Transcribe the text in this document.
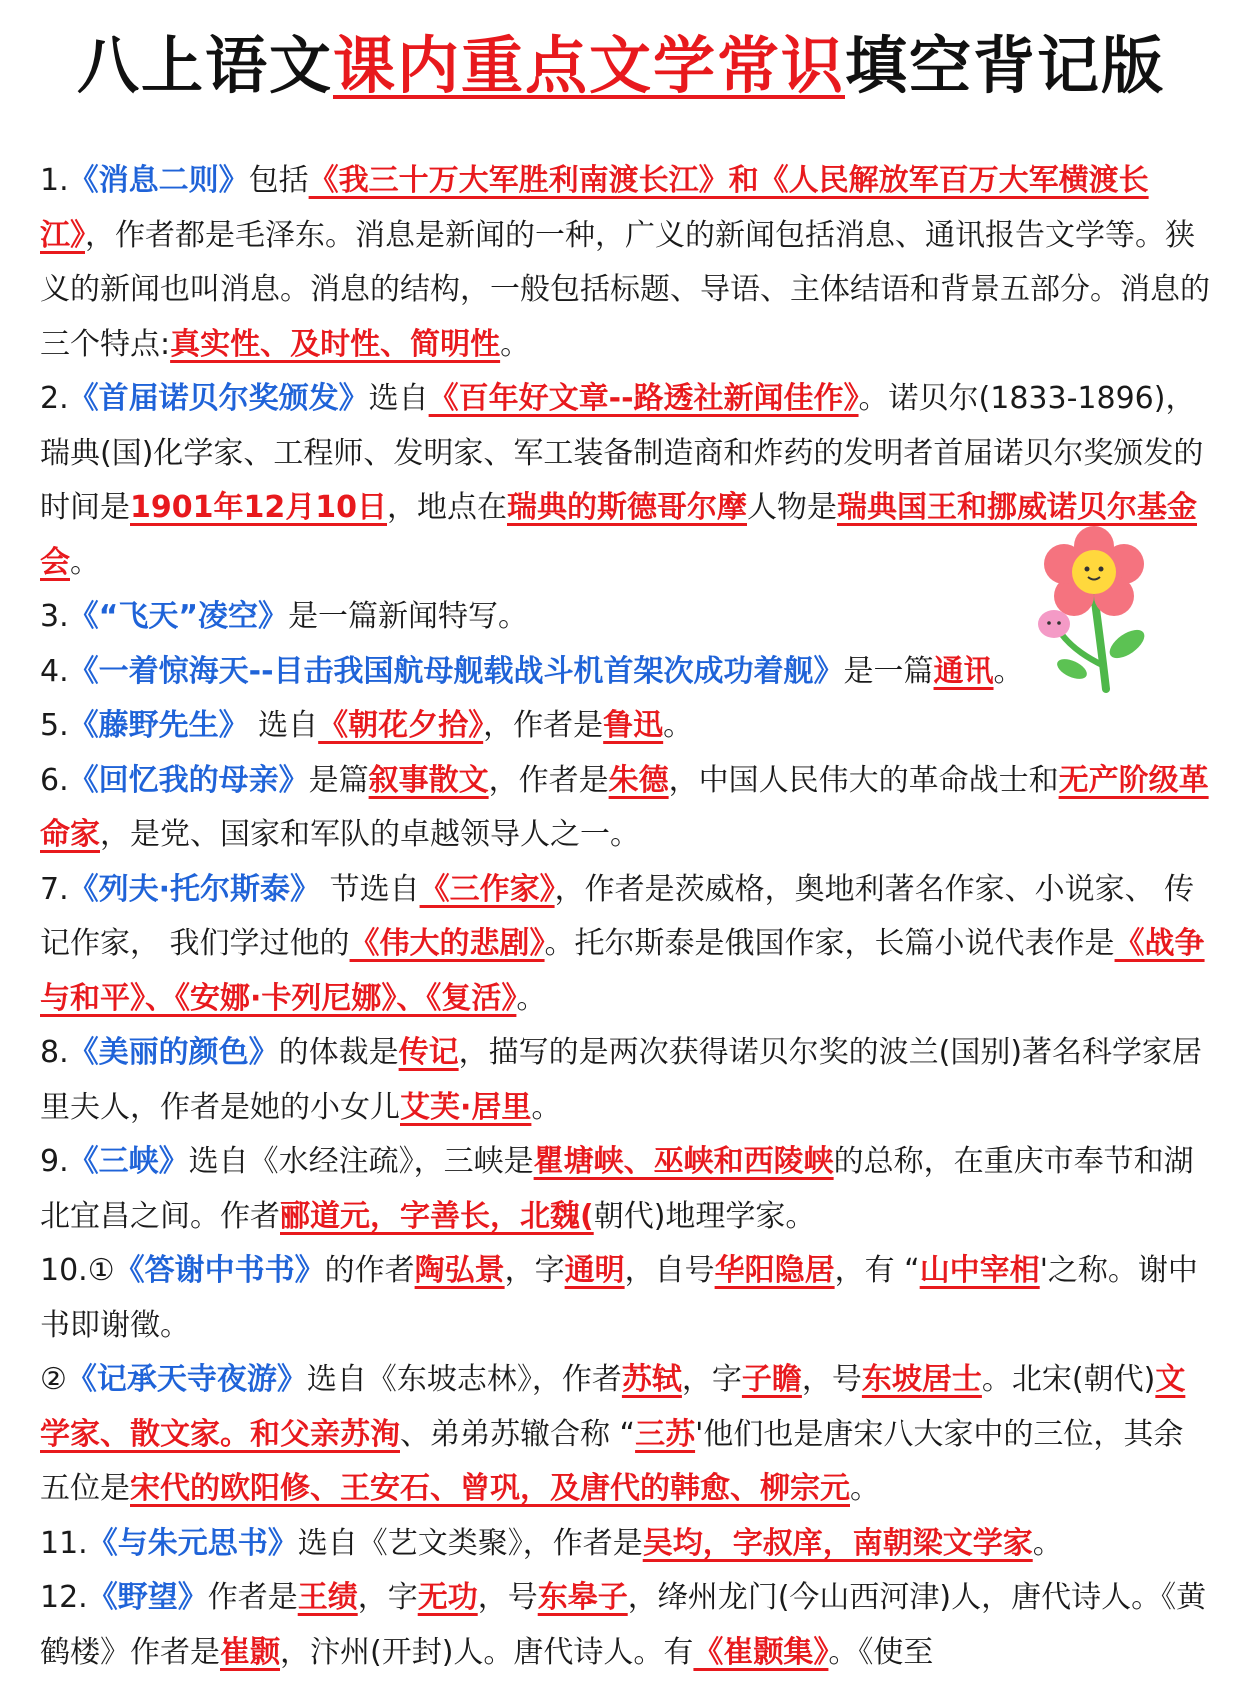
八上语文课内重点文学常识填空背记版

1.《消息二则》包括《我三十万大军胜利南渡长江》和《人民解放军百万大军横渡长江》，作者都是毛泽东。消息是新闻的一种，广义的新闻包括消息、通讯报告文学等。狭义的新闻也叫消息。消息的结构，一般包括标题、导语、主体结语和背景五部分。消息的三个特点:真实性、及时性、简明性。

2.《首届诺贝尔奖颁发》选自《百年好文章--路透社新闻佳作》。诺贝尔(1833-1896)，瑞典(国)化学家、工程师、发明家、军工装备制造商和炸药的发明者首届诺贝尔奖颁发的时间是1901年12月10日，地点在瑞典的斯德哥尔摩人物是瑞典国王和挪威诺贝尔基金会。

3.《“飞天”凌空》是一篇新闻特写。

4.《一着惊海天--目击我国航母舰载战斗机首架次成功着舰》是一篇通讯。

5.《藤野先生》 选自《朝花夕拾》，作者是鲁迅。

6.《回忆我的母亲》是篇叙事散文，作者是朱德，中国人民伟大的革命战士和无产阶级革命家，是党、国家和军队的卓越领导人之一。

7.《列夫·托尔斯泰》 节选自《三作家》，作者是茨威格，奥地利著名作家、小说家、 传记作家， 我们学过他的《伟大的悲剧》。托尔斯泰是俄国作家，长篇小说代表作是《战争与和平》、《安娜·卡列尼娜》、《复活》。

8.《美丽的颜色》的体裁是传记，描写的是两次获得诺贝尔奖的波兰(国别)著名科学家居里夫人，作者是她的小女儿艾芙·居里。

9.《三峡》选自《水经注疏》，三峡是瞿塘峡、巫峡和西陵峡的总称，在重庆市奉节和湖北宜昌之间。作者郦道元，字善长，北魏(朝代)地理学家。

10.①《答谢中书书》的作者陶弘景，字通明，自号华阳隐居，有 “山中宰相'之称。谢中书即谢徵。

②《记承天寺夜游》选自《东坡志林》，作者苏轼，字子瞻，号东坡居士。北宋(朝代)文学家、散文家。和父亲苏洵、弟弟苏辙合称 “三苏'他们也是唐宋八大家中的三位，其余五位是宋代的欧阳修、王安石、曾巩，及唐代的韩愈、柳宗元。

11.《与朱元思书》选自《艺文类聚》，作者是吴均，字叔庠，南朝梁文学家。

12.《野望》作者是王绩，字无功，号东皋子，绛州龙门(今山西河津)人，唐代诗人。《黄鹤楼》作者是崔颢，汴州(开封)人。唐代诗人。有《崔颢集》。《使至
